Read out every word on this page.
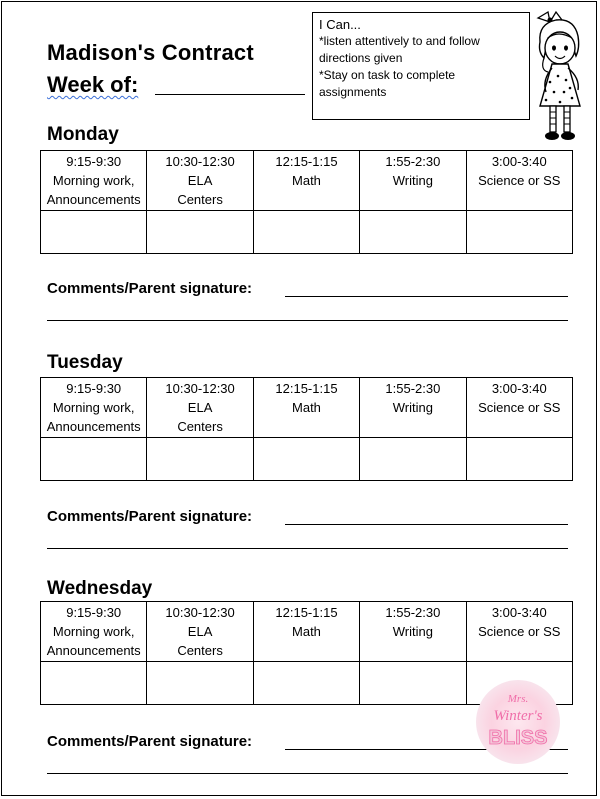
Madison's Contract
Week of:
I Can...
*listen attentively to and follow
directions given
*Stay on task to complete
assignments
Monday
9:15-9:30
Morning work,
Announcements	10:30-12:30
ELA
Centers	12:15-1:15
Math	1:55-2:30
Writing	3:00-3:40
Science or SS

Comments/Parent signature:
Tuesday
9:15-9:30
Morning work,
Announcements	10:30-12:30
ELA
Centers	12:15-1:15
Math	1:55-2:30
Writing	3:00-3:40
Science or SS

Comments/Parent signature:
Wednesday
9:15-9:30
Morning work,
Announcements	10:30-12:30
ELA
Centers	12:15-1:15
Math	1:55-2:30
Writing	3:00-3:40
Science or SS

Comments/Parent signature:
Mrs.
Winter's
BLISS
